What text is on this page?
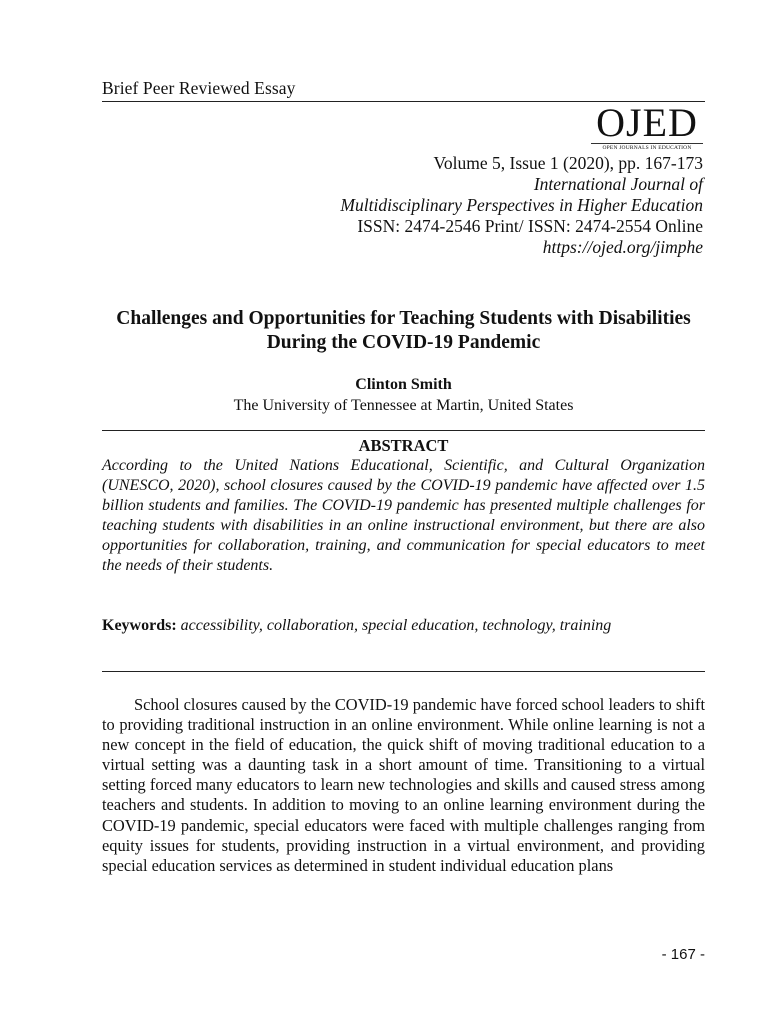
Brief Peer Reviewed Essay
OJED
OPEN JOURNALS IN EDUCATION
Volume 5, Issue 1 (2020), pp. 167-173
International Journal of
Multidisciplinary Perspectives in Higher Education
ISSN: 2474-2546 Print/ ISSN: 2474-2554 Online
https://ojed.org/jimphe
Challenges and Opportunities for Teaching Students with Disabilities During the COVID-19 Pandemic
Clinton Smith
The University of Tennessee at Martin, United States
ABSTRACT
According to the United Nations Educational, Scientific, and Cultural Organization (UNESCO, 2020), school closures caused by the COVID-19 pandemic have affected over 1.5 billion students and families. The COVID-19 pandemic has presented multiple challenges for teaching students with disabilities in an online instructional environment, but there are also opportunities for collaboration, training, and communication for special educators to meet the needs of their students.
Keywords: accessibility, collaboration, special education, technology, training
School closures caused by the COVID-19 pandemic have forced school leaders to shift to providing traditional instruction in an online environment. While online learning is not a new concept in the field of education, the quick shift of moving traditional education to a virtual setting was a daunting task in a short amount of time. Transitioning to a virtual setting forced many educators to learn new technologies and skills and caused stress among teachers and students. In addition to moving to an online learning environment during the COVID-19 pandemic, special educators were faced with multiple challenges ranging from equity issues for students, providing instruction in a virtual environment, and providing special education services as determined in student individual education plans
- 167 -
